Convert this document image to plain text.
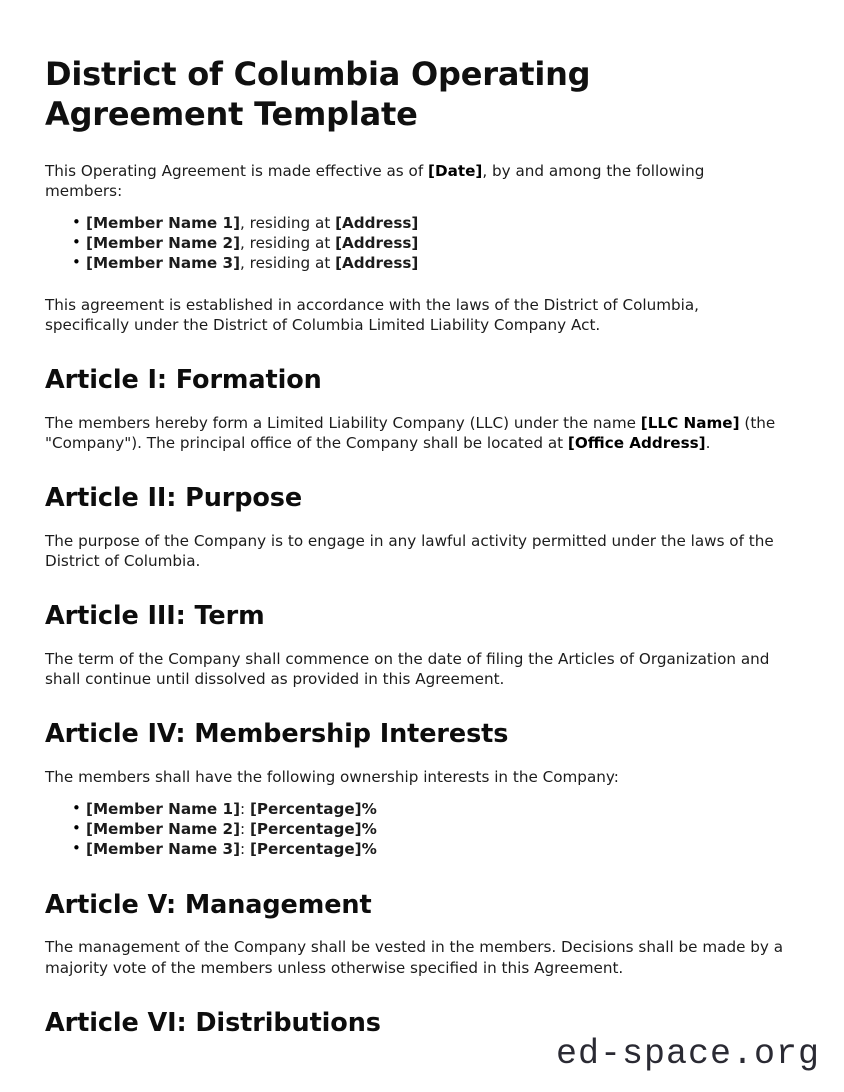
District of Columbia Operating Agreement Template

This Operating Agreement is made effective as of [Date], by and among the following members:

• [Member Name 1], residing at [Address]
• [Member Name 2], residing at [Address]
• [Member Name 3], residing at [Address]

This agreement is established in accordance with the laws of the District of Columbia, specifically under the District of Columbia Limited Liability Company Act.

Article I: Formation

The members hereby form a Limited Liability Company (LLC) under the name [LLC Name] (the "Company"). The principal office of the Company shall be located at [Office Address].

Article II: Purpose

The purpose of the Company is to engage in any lawful activity permitted under the laws of the District of Columbia.

Article III: Term

The term of the Company shall commence on the date of filing the Articles of Organization and shall continue until dissolved as provided in this Agreement.

Article IV: Membership Interests

The members shall have the following ownership interests in the Company:

• [Member Name 1]: [Percentage]%
• [Member Name 2]: [Percentage]%
• [Member Name 3]: [Percentage]%
Article V: Management

The management of the Company shall be vested in the members. Decisions shall be made by a majority vote of the members unless otherwise specified in this Agreement.

Article VI: Distributions
ed-space.org
